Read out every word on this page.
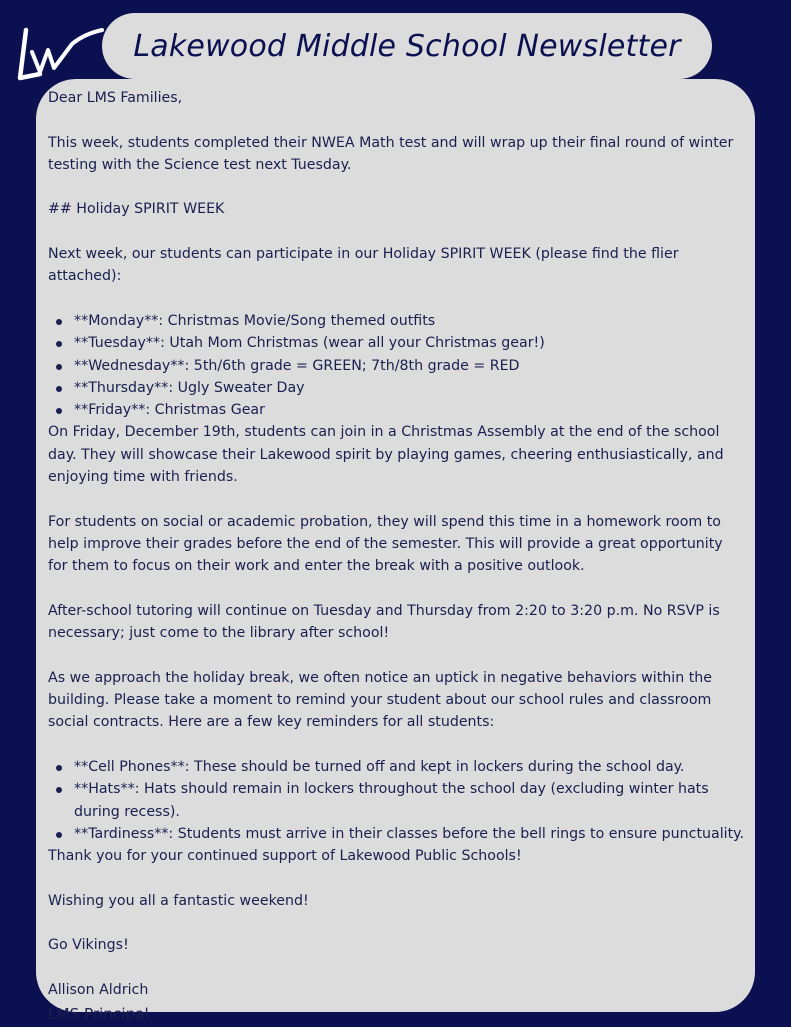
Lakewood Middle School Newsletter

Dear LMS Families,

This week, students completed their NWEA Math test and will wrap up their final round of winter testing with the Science test next Tuesday.

## Holiday SPIRIT WEEK

Next week, our students can participate in our Holiday SPIRIT WEEK (please find the flier attached):

**Monday**: Christmas Movie/Song themed outfits
**Tuesday**: Utah Mom Christmas (wear all your Christmas gear!)
**Wednesday**: 5th/6th grade = GREEN; 7th/8th grade = RED
**Thursday**: Ugly Sweater Day
**Friday**: Christmas Gear

On Friday, December 19th, students can join in a Christmas Assembly at the end of the school day. They will showcase their Lakewood spirit by playing games, cheering enthusiastically, and enjoying time with friends.

For students on social or academic probation, they will spend this time in a homework room to help improve their grades before the end of the semester. This will provide a great opportunity for them to focus on their work and enter the break with a positive outlook.

After-school tutoring will continue on Tuesday and Thursday from 2:20 to 3:20 p.m. No RSVP is necessary; just come to the library after school!

As we approach the holiday break, we often notice an uptick in negative behaviors within the building. Please take a moment to remind your student about our school rules and classroom social contracts. Here are a few key reminders for all students:

**Cell Phones**: These should be turned off and kept in lockers during the school day.
**Hats**: Hats should remain in lockers throughout the school day (excluding winter hats during recess).
**Tardiness**: Students must arrive in their classes before the bell rings to ensure punctuality.

Thank you for your continued support of Lakewood Public Schools!

Wishing you all a fantastic weekend!

Go Vikings!

Allison Aldrich

LMS Principal
